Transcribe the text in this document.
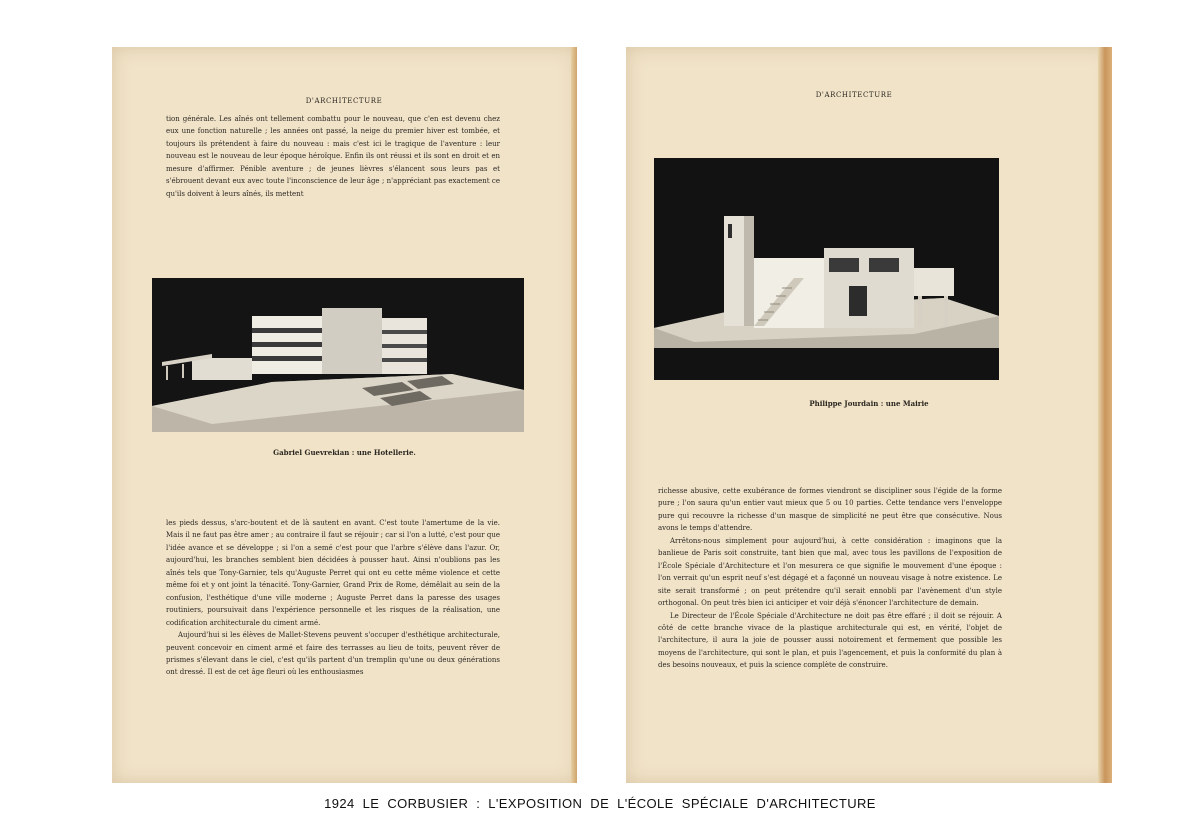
D'ARCHITECTURE

tion générale. Les aînés ont tellement combattu pour le nouveau, que c'en est devenu chez eux une fonction naturelle ; les années ont passé, la neige du premier hiver est tombée, et toujours ils prétendent à faire du nouveau : mais c'est ici le tragique de l'aventure : leur nouveau est le nouveau de leur époque héroïque. Enfin ils ont réussi et ils sont en droit et en mesure d'affirmer. Pénible aventure ; de jeunes lièvres s'élancent sous leurs pas et s'ébrouent devant eux avec toute l'inconscience de leur âge ; n'appréciant pas exactement ce qu'ils doivent à leurs aînés, ils mettent

Gabriel Guevrekian : une Hotellerie.

les pieds dessus, s'arc-boutent et de là sautent en avant. C'est toute l'amertume de la vie. Mais il ne faut pas être amer ; au contraire il faut se réjouir ; car si l'on a lutté, c'est pour que l'idée avance et se développe ; si l'on a semé c'est pour que l'arbre s'élève dans l'azur. Or, aujourd'hui, les branches semblent bien décidées à pousser haut. Ainsi n'oublions pas les aînés tels que Tony-Garnier, tels qu'Auguste Perret qui ont eu cette même violence et cette même foi et y ont joint la ténacité. Tony-Garnier, Grand Prix de Rome, démêlait au sein de la confusion, l'esthétique d'une ville moderne ; Auguste Perret dans la paresse des usages routiniers, poursuivait dans l'expérience personnelle et les risques de la réalisation, une codification architecturale du ciment armé.

Aujourd'hui si les élèves de Mallet-Stevens peuvent s'occuper d'esthétique architecturale, peuvent concevoir en ciment armé et faire des terrasses au lieu de toits, peuvent rêver de prismes s'élevant dans le ciel, c'est qu'ils partent d'un tremplin qu'une ou deux générations ont dressé. Il est de cet âge fleuri où les enthousiasmes

D'ARCHITECTURE
Philippe Jourdain : une Mairie

richesse abusive, cette exubérance de formes viendront se discipliner sous l'égide de la forme pure ; l'on saura qu'un entier vaut mieux que 5 ou 10 parties. Cette tendance vers l'enveloppe pure qui recouvre la richesse d'un masque de simplicité ne peut être que consécutive. Nous avons le temps d'attendre.

Arrêtons-nous simplement pour aujourd'hui, à cette considération : imaginons que la banlieue de Paris soit construite, tant bien que mal, avec tous les pavillons de l'exposition de l'École Spéciale d'Architecture et l'on mesurera ce que signifie le mouvement d'une époque : l'on verrait qu'un esprit neuf s'est dégagé et a façonné un nouveau visage à notre existence. Le site serait transformé ; on peut prétendre qu'il serait ennobli par l'avènement d'un style orthogonal. On peut très bien ici anticiper et voir déjà s'énoncer l'architecture de demain.

Le Directeur de l'École Spéciale d'Architecture ne doit pas être effaré ; il doit se réjouir. A côté de cette branche vivace de la plastique architecturale qui est, en vérité, l'objet de l'architecture, il aura la joie de pousser aussi notoirement et fermement que possible les moyens de l'architecture, qui sont le plan, et puis l'agencement, et puis la conformité du plan à des besoins nouveaux, et puis la science complète de construire.

1924 LE CORBUSIER : L'EXPOSITION DE L'ÉCOLE SPÉCIALE D'ARCHITECTURE
